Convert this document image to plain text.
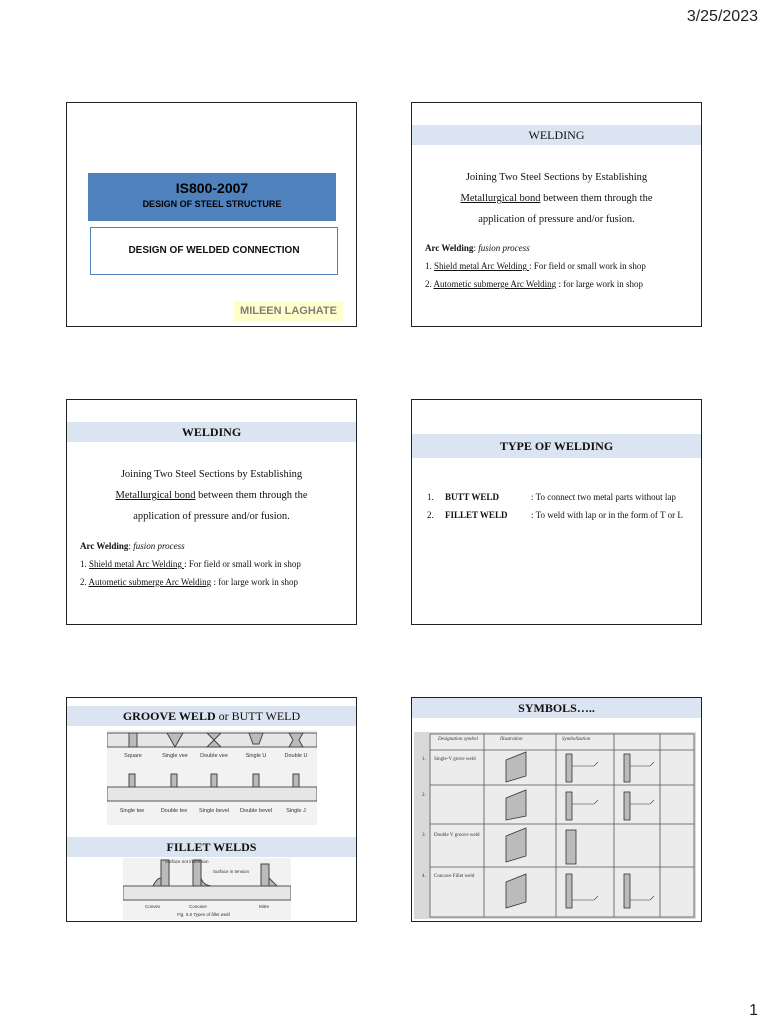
3/25/2023
IS800-2007
DESIGN OF STEEL STRUCTURE
DESIGN OF WELDED CONNECTION
MILEEN LAGHATE
WELDING
Joining Two Steel Sections by Establishing
Metallurgical bond between them through the
application of pressure and/or fusion.
Arc Welding: fusion process
1. Shield metal Arc Welding : For field or small work in shop
2. Autometic submerge Arc Welding : for large work in shop
WELDING
Joining Two Steel Sections by Establishing
Metallurgical bond between them through the
application of pressure and/or fusion.
Arc Welding: fusion process
1. Shield metal Arc Welding : For field or small work in shop
2. Autometic submerge Arc Welding : for large work in shop
TYPE OF WELDING
1.	BUTT WELD	: To connect two metal parts without lap
2.	FILLET WELD	: To weld with lap or in the form of T or L
GROOVE WELD or BUTT WELD
Square	Single vee Double vee	Single U	Double U
Single tee	Double tee Single bevel Double bevel	Single J
FILLET WELDS
Surface not in tension
Surface in tension
Convex	Concave	Mitre
Fig. 5.6 Types of fillet weld
SYMBOLS…..
Designation symbol	Illustration	Symbolization
1. Single-V grove weld
2.
3. Double V groove weld
4. Concave Fillet weld
1
